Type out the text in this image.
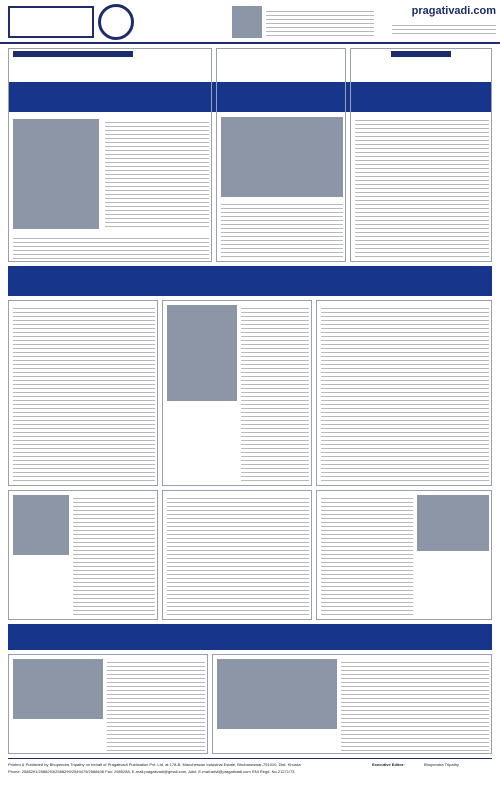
pragativadi.com
Printed & Published by Bhupendra Tripathy on behalf of Pragativadi Publication Pvt. Ltd. at 178-B, Mancheswar Industrial Estate, Bhubaneswar-751010, Dist. Khurda
Phone: 2588291/2588293/2588299/2549475/2588406 Fax: 2585288, E-mail:pragativadi@gmail.com, Advt. E-mail:advt@pragativadi.com RNI Regd. No.21271/73
Executive Editor:	Bhupendra Tripathy
